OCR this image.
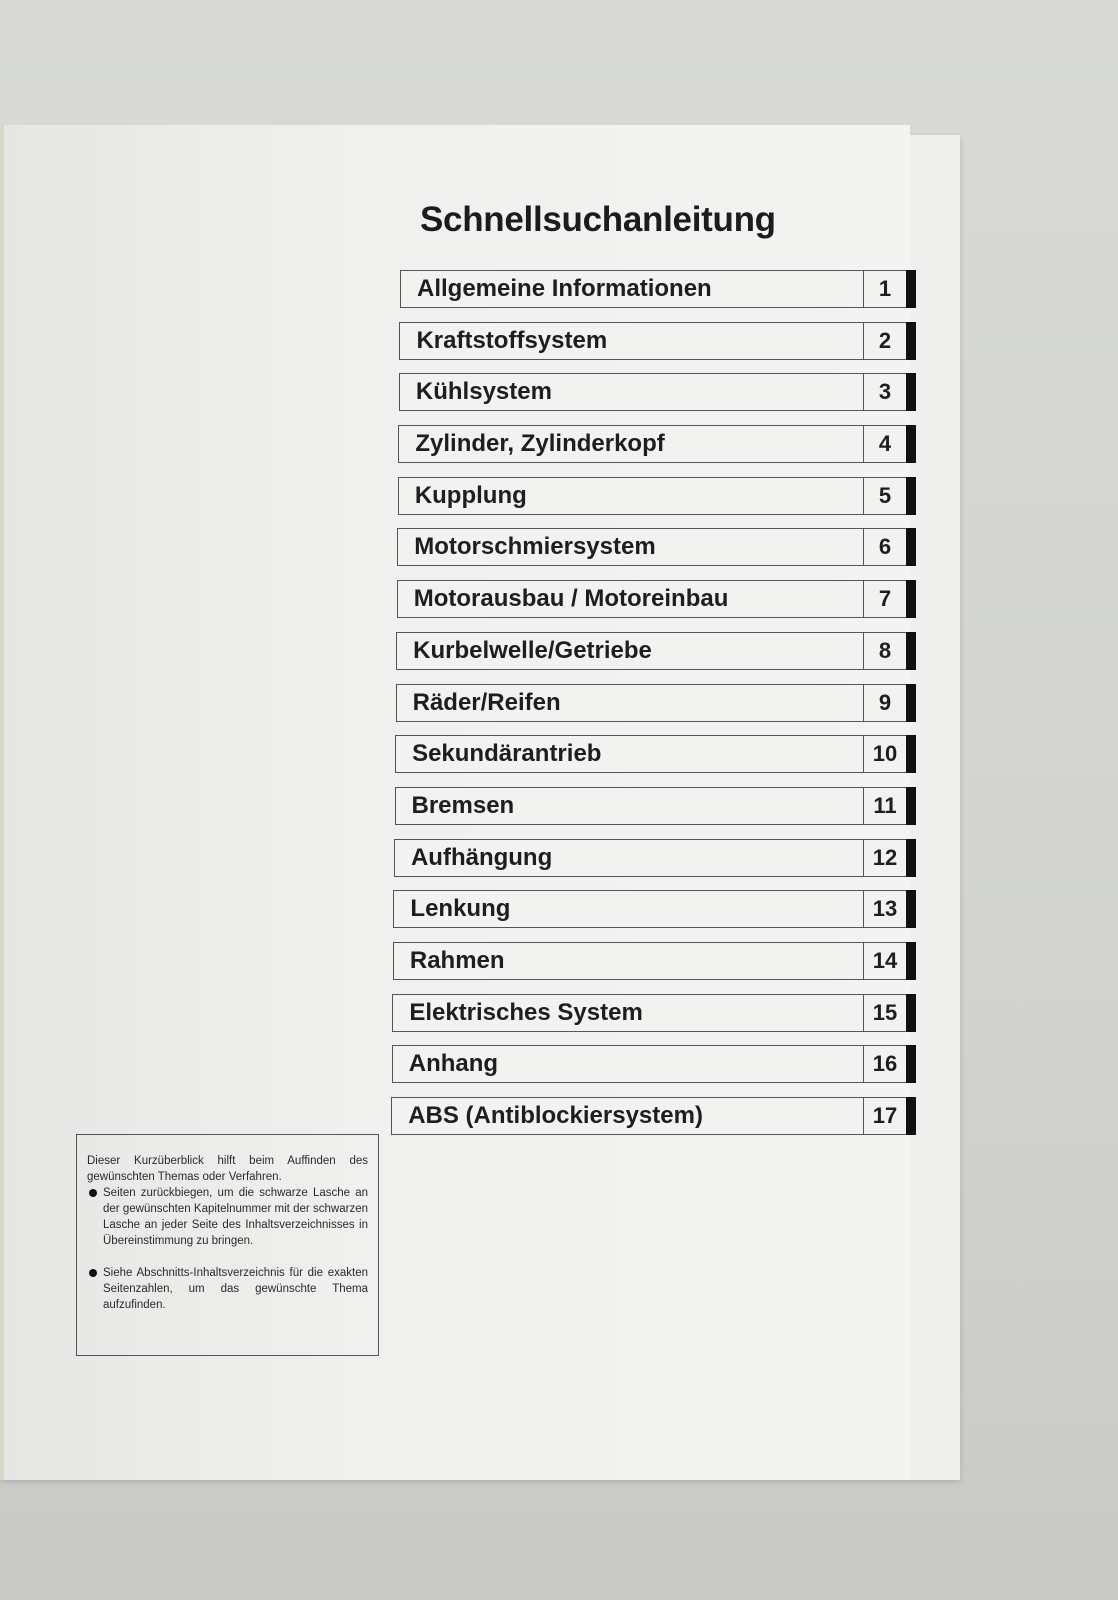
Schnellsuchanleitung
Allgemeine Informationen	1
Kraftstoffsystem	2
Kühlsystem	3
Zylinder, Zylinderkopf	4
Kupplung	5
Motorschmiersystem	6
Motorausbau / Motoreinbau	7
Kurbelwelle/Getriebe	8
Räder/Reifen	9
Sekundärantrieb	10
Bremsen	11
Aufhängung	12
Lenkung	13
Rahmen	14
Elektrisches System	15
Anhang	16
ABS (Antiblockiersystem)	17

Dieser Kurzüberblick hilft beim Auffinden des gewünschten Themas oder Verfahren.

Seiten zurückbiegen, um die schwarze Lasche an der gewünschten Kapitelnummer mit der schwarzen Lasche an jeder Seite des Inhaltsverzeichnisses in Übereinstimmung zu bringen.

Siehe Abschnitts-Inhaltsverzeichnis für die exakten Seitenzahlen, um das gewünschte Thema aufzufinden.
